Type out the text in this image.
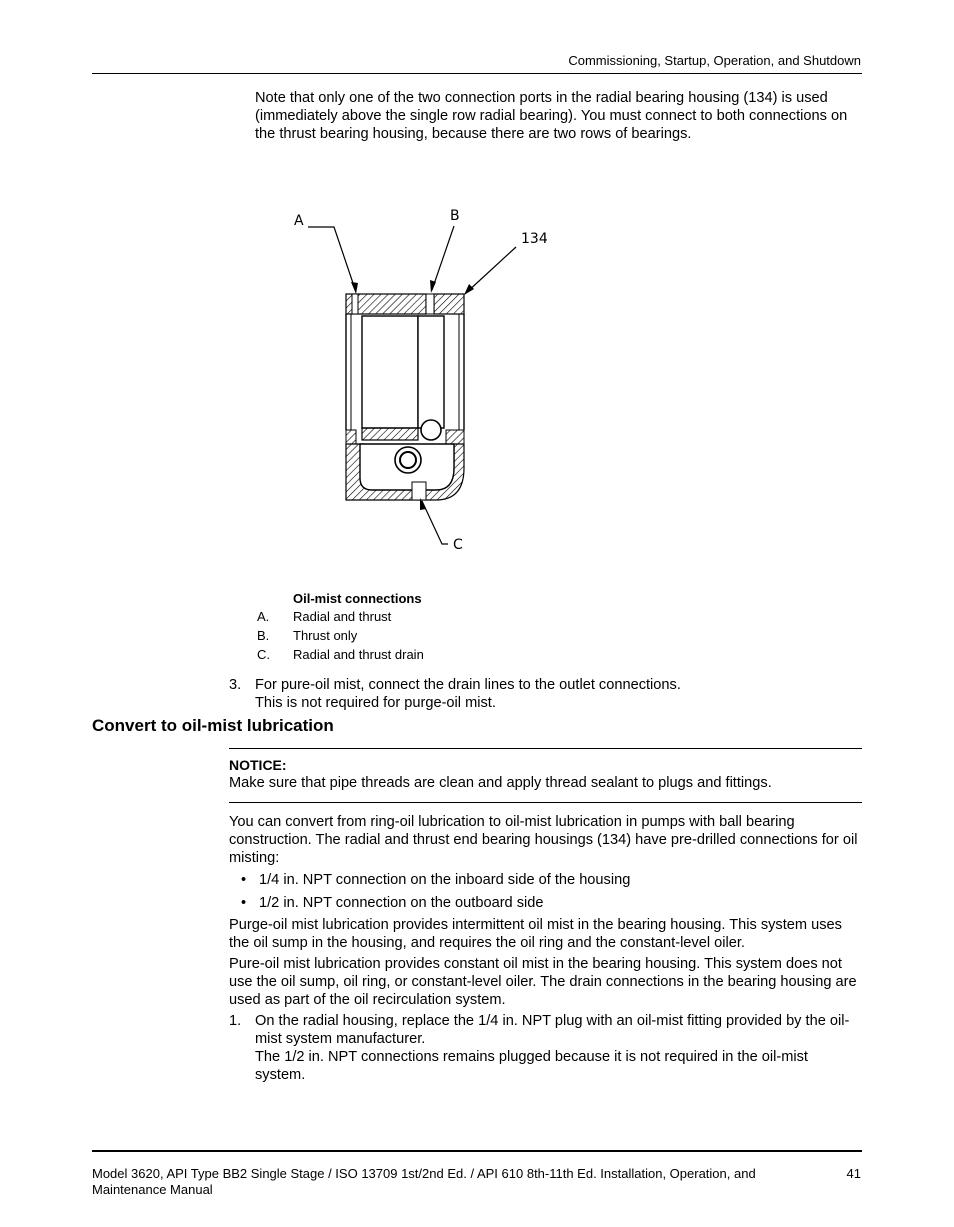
Commissioning, Startup, Operation, and Shutdown
Note that only one of the two connection ports in the radial bearing housing (134) is used (immediately above the single row radial bearing). You must connect to both connections on the thrust bearing housing, because there are two rows of bearings.
A	B
134
C
Oil-mist connections
A. Radial and thrust
B. Thrust only
C. Radial and thrust drain
3. For pure-oil mist, connect the drain lines to the outlet connections.
This is not required for purge-oil mist.
Convert to oil-mist lubrication
NOTICE:
Make sure that pipe threads are clean and apply thread sealant to plugs and fittings.
You can convert from ring-oil lubrication to oil-mist lubrication in pumps with ball bearing construction. The radial and thrust end bearing housings (134) have pre-drilled connections for oil misting:
• 1/4 in. NPT connection on the inboard side of the housing
• 1/2 in. NPT connection on the outboard side
Purge-oil mist lubrication provides intermittent oil mist in the bearing housing. This system uses the oil sump in the housing, and requires the oil ring and the constant-level oiler.
Pure-oil mist lubrication provides constant oil mist in the bearing housing. This system does not use the oil sump, oil ring, or constant-level oiler. The drain connections in the bearing housing are used as part of the oil recirculation system.
1. On the radial housing, replace the 1/4 in. NPT plug with an oil-mist fitting provided by the oil-mist system manufacturer.
The 1/2 in. NPT connections remains plugged because it is not required in the oil-mist system.
Model 3620, API Type BB2 Single Stage / ISO 13709 1st/2nd Ed. / API 610 8th-11th Ed. Installation, Operation, and Maintenance Manual
41
